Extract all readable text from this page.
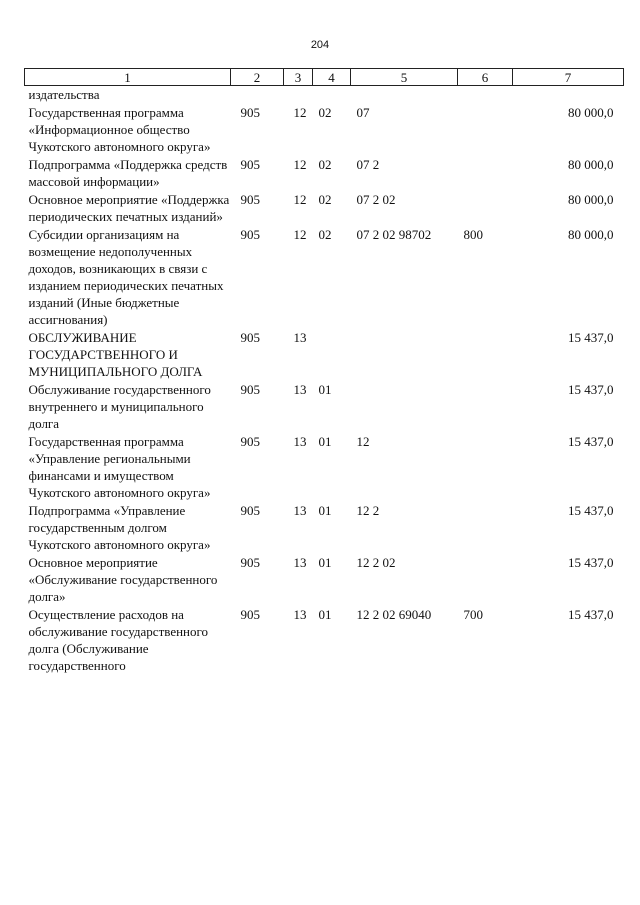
204
1	2	3	4	5	6	7
издательства						
Государственная программа «Информационное общество Чукотского автономного округа»	905	12	02	07		80 000,0
Подпрограмма «Поддержка средств массовой информации»	905	12	02	07 2		80 000,0
Основное мероприятие «Поддержка периодических печатных изданий»	905	12	02	07 2 02		80 000,0
Субсидии организациям на возмещение недополученных доходов, возникающих в связи с изданием периодических печатных изданий (Иные бюджетные ассигнования)	905	12	02	07 2 02 98702	800	80 000,0
ОБСЛУЖИВАНИЕ ГОСУДАРСТВЕННОГО И МУНИЦИПАЛЬНОГО ДОЛГА	905	13				15 437,0
Обслуживание государственного внутреннего и муниципального долга	905	13	01			15 437,0
Государственная программа «Управление региональными финансами и имуществом Чукотского автономного округа»	905	13	01	12		15 437,0
Подпрограмма «Управление государственным долгом Чукотского автономного округа»	905	13	01	12 2		15 437,0
Основное мероприятие «Обслуживание государственного долга»	905	13	01	12 2 02		15 437,0
Осуществление расходов на обслуживание государственного долга (Обслуживание государственного	905	13	01	12 2 02 69040	700	15 437,0
